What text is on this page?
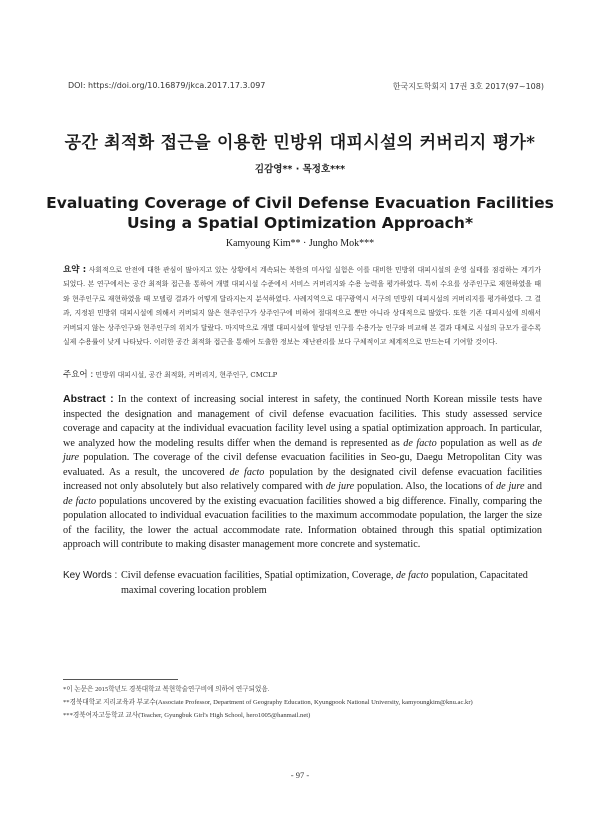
DOI: https://doi.org/10.16879/jkca.2017.17.3.097	한국지도학회지 17권 3호 2017(97~108)
공간 최적화 접근을 이용한 민방위 대피시설의 커버리지 평가*
김감영** · 목정호***
Evaluating Coverage of Civil Defense Evacuation Facilities
Using a Spatial Optimization Approach*
Kamyoung Kim** · Jungho Mok***
요약 : 사회적으로 안전에 대한 관심이 많아지고 있는 상황에서 계속되는 북한의 미사일 실험은 이를 대비한 민방위 대피시설의 운영 실태를 점검하는 계기가 되었다. 본 연구에서는 공간 최적화 접근을 통하여 개별 대피시설 수준에서 서비스 커버리지와 수용 능력을 평가하였다. 특히 수요를 상주인구로 재현하였을 때와 현주인구로 재현하였을 때 모델링 결과가 어떻게 달라지는지 분석하였다. 사례지역으로 대구광역시 서구의 민방위 대피시설의 커버리지를 평가하였다. 그 결과, 지정된 민방위 대피시설에 의해서 커버되지 않은 현주인구가 상주인구에 비하여 절대적으로 뿐만 아니라 상대적으로 많았다. 또한 기존 대피시설에 의해서 커버되지 않는 상주인구와 현주인구의 위치가 달랐다. 마지막으로 개별 대피시설에 할당된 인구를 수용가능 인구와 비교해 본 결과 대체로 시설의 규모가 클수록 실제 수용률이 낮게 나타났다. 이러한 공간 최적화 접근을 통해여 도출한 정보는 재난관리를 보다 구체적이고 체계적으로 만드는데 기여할 것이다.
주요어 : 민방위 대피시설, 공간 최적화, 커버리지, 현주인구, CMCLP
Abstract : In the context of increasing social interest in safety, the continued North Korean missile tests have inspected the designation and management of civil defense evacuation facilities. This study assessed service coverage and capacity at the individual evacuation facility level using a spatial optimization approach. In particular, we analyzed how the modeling results differ when the demand is represented as de facto population as well as de jure population. The coverage of the civil defense evacuation facilities in Seo-gu, Daegu Metropolitan City was evaluated. As a result, the uncovered de facto population by the designated civil defense evacuation facilities increased not only absolutely but also relatively compared with de jure population. Also, the locations of de jure and de facto populations uncovered by the existing evacuation facilities showed a big difference. Finally, comparing the population allocated to individual evacuation facilities to the maximum accommodate population, the larger the size of the facility, the lower the actual accommodate rate. Information obtained through this spatial optimization approach will contribute to making disaster management more concrete and systematic.
Key Words : Civil defense evacuation facilities, Spatial optimization, Coverage, de facto population, Capacitated maximal covering location problem
*이 논문은 2015학년도 경북대학교 복현학술연구비에 의하여 연구되었음.
**경북대학교 지리교육과 부교수(Associate Professor, Department of Geography Education, Kyungpook National University, kamyoungkim@knu.ac.kr)
***경북여자고등학교 교사(Teacher, Gyungbuk Girl's High School, hero1005@hanmail.net)
- 97 -
